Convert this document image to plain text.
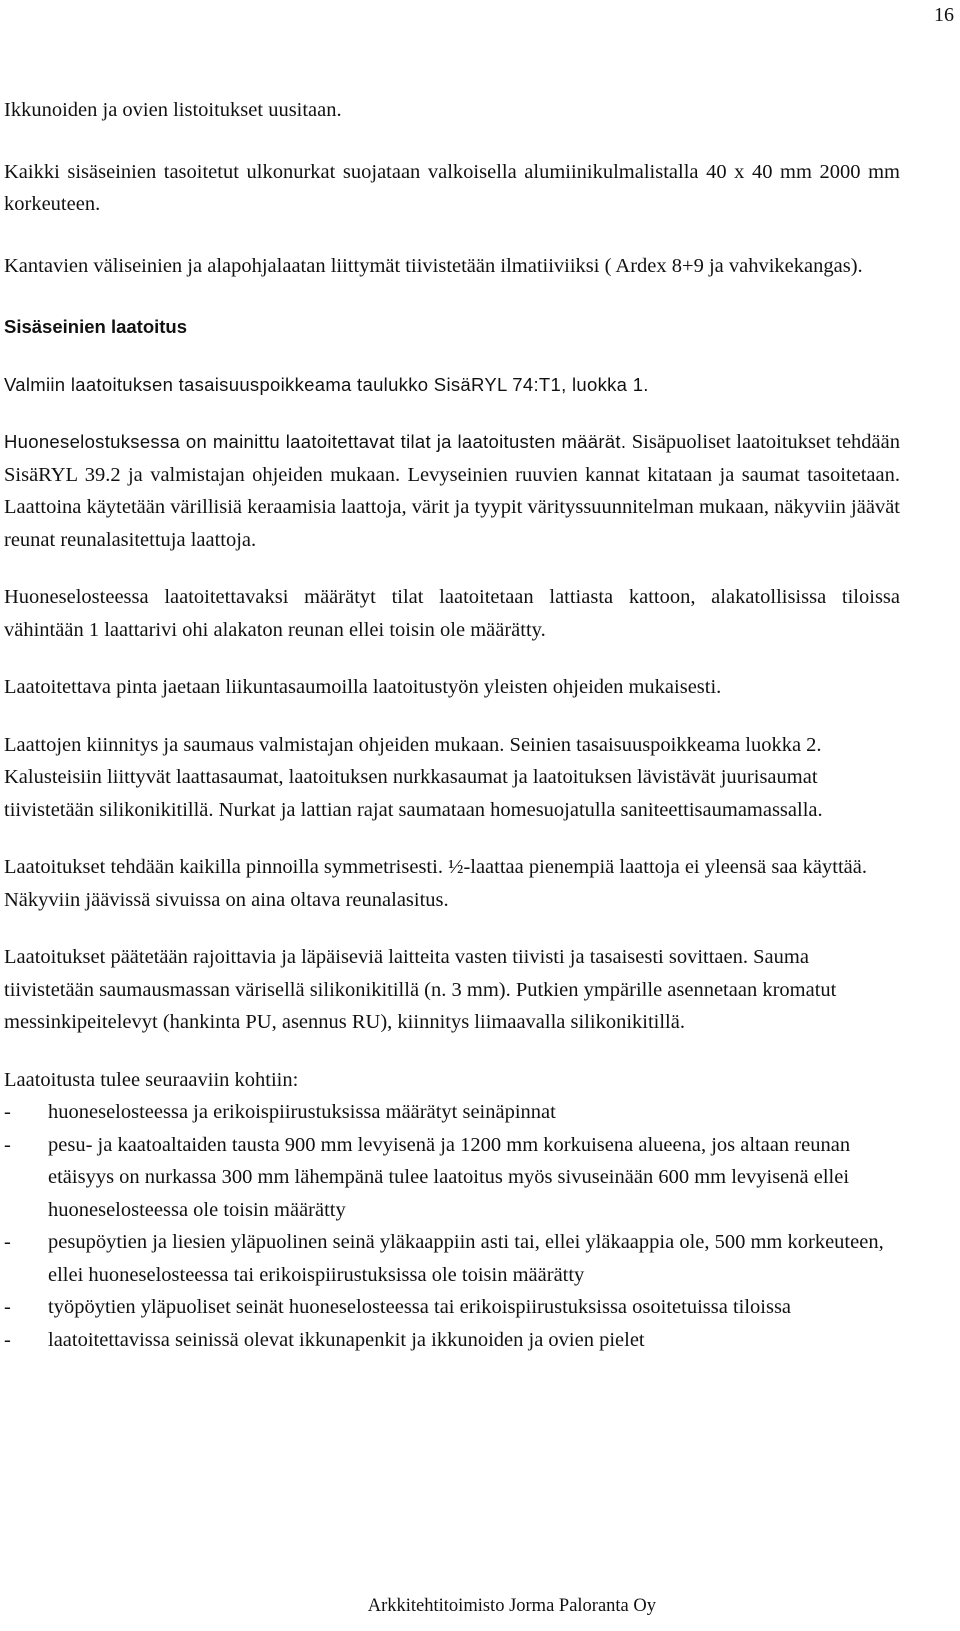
16

Ikkunoiden ja ovien listoitukset uusitaan.

Kaikki sisäseinien tasoitetut ulkonurkat suojataan valkoisella alumiinikulmalistalla 40 x 40 mm 2000 mm korkeuteen.

Kantavien väliseinien ja alapohjalaatan liittymät tiivistetään ilmatiiviiksi ( Ardex 8+9 ja vahvikekangas).

Sisäseinien laatoitus

Valmiin laatoituksen tasaisuuspoikkeama taulukko SisäRYL 74:T1, luokka 1.

Huoneselostuksessa on mainittu laatoitettavat tilat ja laatoitusten määrät. Sisäpuoliset laatoitukset tehdään SisäRYL 39.2 ja valmistajan ohjeiden mukaan. Levyseinien ruuvien kannat kitataan ja saumat tasoitetaan. Laattoina käytetään värillisiä keraamisia laattoja, värit ja tyypit värityssuunnitelman mukaan, näkyviin jäävät reunat reunalasitettuja laattoja.

Huoneselosteessa laatoitettavaksi määrätyt tilat laatoitetaan lattiasta kattoon, alakatollisissa tiloissa vähintään 1 laattarivi ohi alakaton reunan ellei toisin ole määrätty.

Laatoitettava pinta jaetaan liikuntasaumoilla laatoitustyön yleisten ohjeiden mukaisesti.

Laattojen kiinnitys ja saumaus valmistajan ohjeiden mukaan. Seinien tasaisuuspoikkeama luokka 2. Kalusteisiin liittyvät laattasaumat, laatoituksen nurkkasaumat ja laatoituksen lävistävät juurisaumat tiivistetään silikonikitillä. Nurkat ja lattian rajat saumataan homesuojatulla saniteettisaumamassalla.

Laatoitukset tehdään kaikilla pinnoilla symmetrisesti. ½-laattaa pienempiä laattoja ei yleensä saa käyttää. Näkyviin jäävissä sivuissa on aina oltava reunalasitus.

Laatoitukset päätetään rajoittavia ja läpäiseviä laitteita vasten tiivisti ja tasaisesti sovittaen. Sauma tiivistetään saumausmassan värisellä silikonikitillä (n. 3 mm). Putkien ympärille asennetaan kromatut messinkipeitelevyt (hankinta PU, asennus RU), kiinnitys liimaavalla silikonikitillä.

Laatoitusta tulee seuraaviin kohtiin:

-	huoneselosteessa ja erikoispiirustuksissa määrätyt seinäpinnat
-	pesu- ja kaatoaltaiden tausta 900 mm levyisenä ja 1200 mm korkuisena alueena, jos altaan reunan etäisyys on nurkassa 300 mm lähempänä tulee laatoitus myös sivuseinään 600 mm levyisenä ellei huoneselosteessa ole toisin määrätty
-	pesupöytien ja liesien yläpuolinen seinä yläkaappiin asti tai, ellei yläkaappia ole, 500 mm korkeuteen, ellei huoneselosteessa tai erikoispiirustuksissa ole toisin määrätty
-	työpöytien yläpuoliset seinät huoneselosteessa tai erikoispiirustuksissa osoitetuissa tiloissa
-	laatoitettavissa seinissä olevat ikkunapenkit ja ikkunoiden ja ovien pielet
Arkkitehtitoimisto Jorma Paloranta Oy
